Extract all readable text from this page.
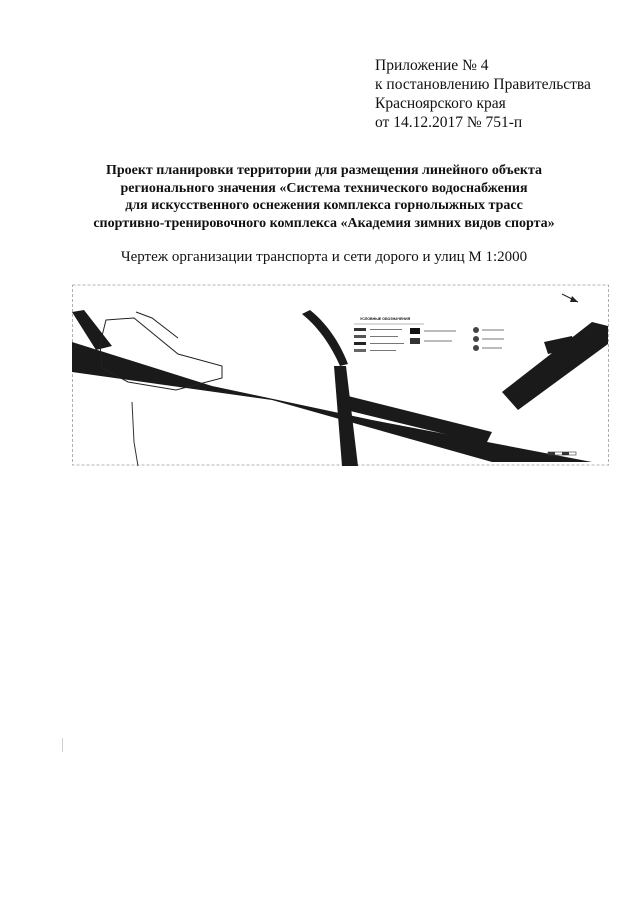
Приложение № 4
к постановлению Правительства
Красноярского края
от 14.12.2017 № 751-п
Проект планировки территории для размещения линейного объекта
регионального значения «Система технического водоснабжения
для искусственного оснежения комплекса горнолыжных трасс
спортивно-тренировочного комплекса «Академия зимних видов спорта»
Чертеж организации транспорта и сети дорого и улиц М 1:2000
УСЛОВНЫЕ ОБОЗНАЧЕНИЯ
